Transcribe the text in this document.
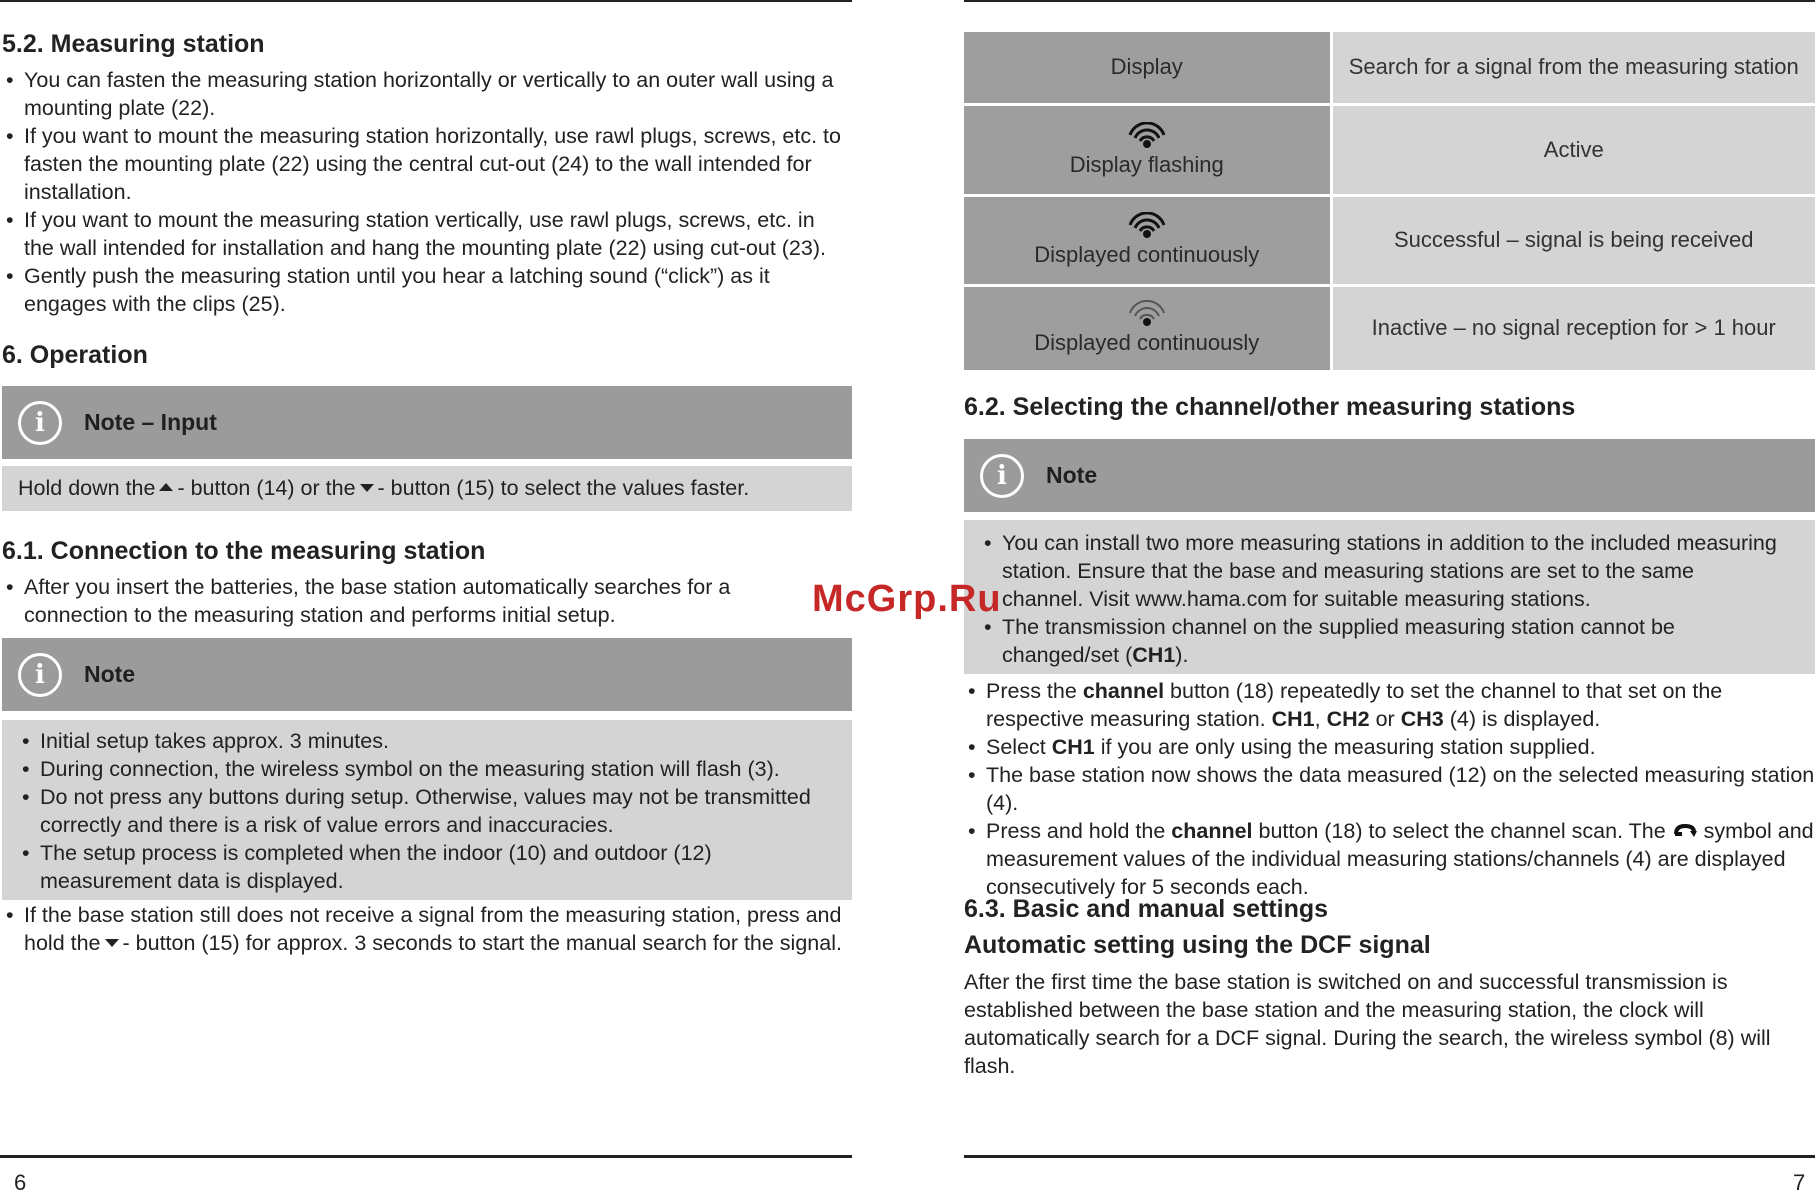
5.2. Measuring station
• You can fasten the measuring station horizontally or vertically to an outer wall using a mounting plate (22).
• If you want to mount the measuring station horizontally, use rawl plugs, screws, etc. to fasten the mounting plate (22) using the central cut-out (24) to the wall intended for installation.
• If you want to mount the measuring station vertically, use rawl plugs, screws, etc. in the wall intended for installation and hang the mounting plate (22) using cut-out (23).
• Gently push the measuring station until you hear a latching sound (“click”) as it engages with the clips (25).
6. Operation
i	Note – Input
Hold down the - button (14) or the - button (15) to select the values faster.
6.1. Connection to the measuring station
• After you insert the batteries, the base station automatically searches for a connection to the measuring station and performs initial setup.
i	Note
• Initial setup takes approx. 3 minutes.
• During connection, the wireless symbol on the measuring station will flash (3).
• Do not press any buttons during setup. Otherwise, values may not be transmitted correctly and there is a risk of value errors and inaccuracies.
• The setup process is completed when the indoor (10) and outdoor (12) measurement data is displayed.
• If the base station still does not receive a signal from the measuring station, press and hold the - button (15) for approx. 3 seconds to start the manual search for the signal.
6
Display	Search for a signal from the measuring station

Display flashing	Active

Displayed continuously	Successful – signal is being received

Displayed continuously	Inactive – no signal reception for > 1 hour
6.2. Selecting the channel/other measuring stations
i	Note
• You can install two more measuring stations in addition to the included measuring station. Ensure that the base and measuring stations are set to the same channel. Visit www.hama.com for suitable measuring stations.
• The transmission channel on the supplied measuring station cannot be changed/set (CH1).
• Press the channel button (18) repeatedly to set the channel to that set on the respective measuring station. CH1, CH2 or CH3 (4) is displayed.
• Select CH1 if you are only using the measuring station supplied.
• The base station now shows the data measured (12) on the selected measuring station (4).
• Press and hold the channel button (18) to select the channel scan. The symbol and measurement values of the individual measuring stations/channels (4) are displayed consecutively for 5 seconds each.
6.3. Basic and manual settings
Automatic setting using the DCF signal

After the first time the base station is switched on and successful transmission is established between the base station and the measuring station, the clock will automatically search for a DCF signal. During the search, the wireless symbol (8) will flash.

7
McGrp.Ru
